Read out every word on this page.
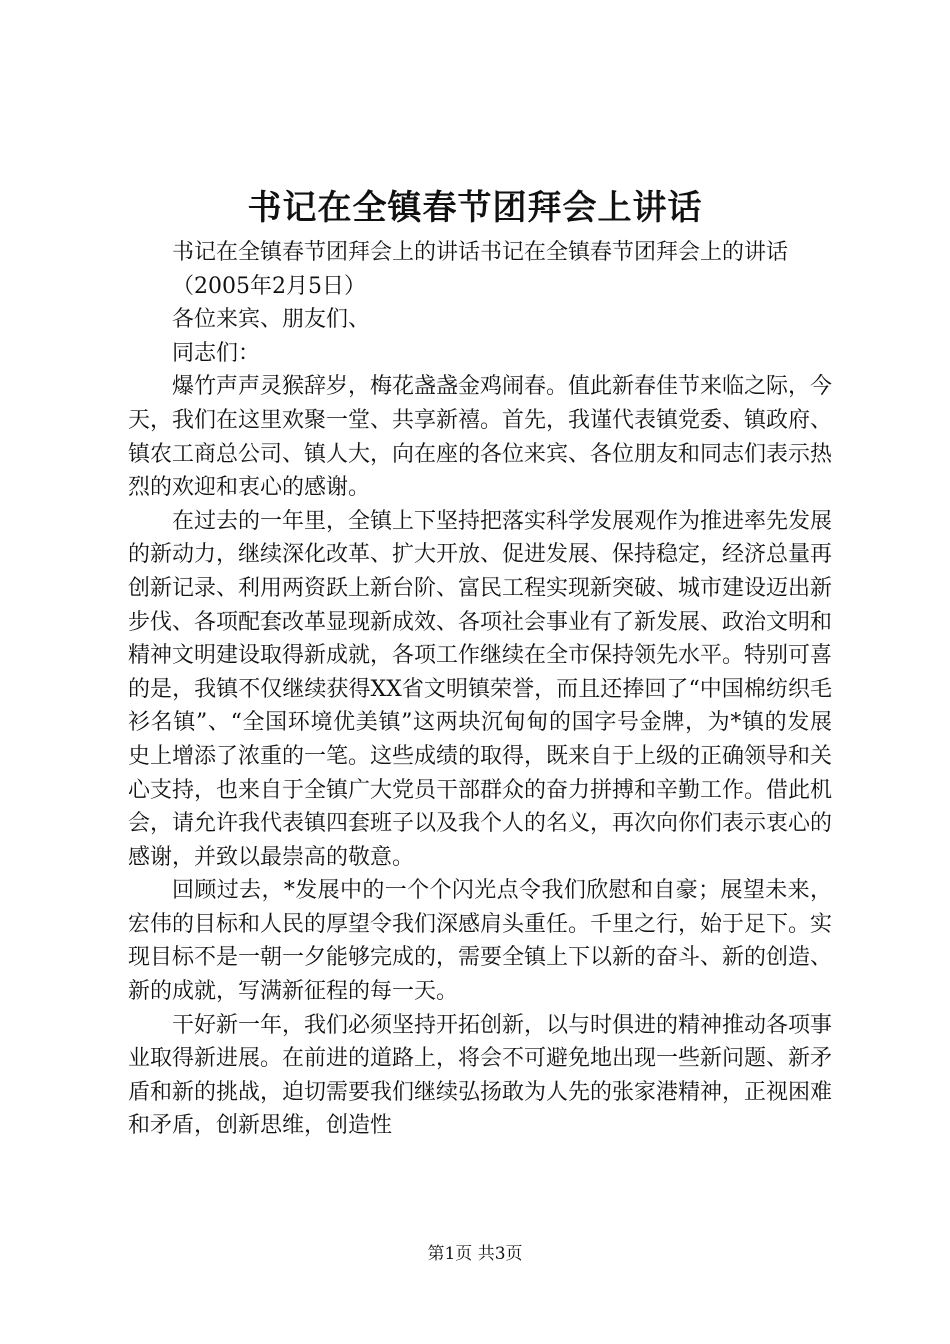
书记在全镇春节团拜会上讲话

书记在全镇春节团拜会上的讲话书记在全镇春节团拜会上的讲话

（2005年2月5日）

各位来宾、朋友们、

同志们：

爆竹声声灵猴辞岁，梅花盏盏金鸡闹春。值此新春佳节来临之际，今天，我们在这里欢聚一堂、共享新禧。首先，我谨代表镇党委、镇政府、镇农工商总公司、镇人大，向在座的各位来宾、各位朋友和同志们表示热烈的欢迎和衷心的感谢。

在过去的一年里，全镇上下坚持把落实科学发展观作为推进率先发展的新动力，继续深化改革、扩大开放、促进发展、保持稳定，经济总量再创新记录、利用两资跃上新台阶、富民工程实现新突破、城市建设迈出新步伐、各项配套改革显现新成效、各项社会事业有了新发展、政治文明和精神文明建设取得新成就，各项工作继续在全市保持领先水平。特别可喜的是，我镇不仅继续获得XX省文明镇荣誉，而且还捧回了“中国棉纺织毛衫名镇”、“全国环境优美镇”这两块沉甸甸的国字号金牌，为*镇的发展史上增添了浓重的一笔。这些成绩的取得，既来自于上级的正确领导和关心支持，也来自于全镇广大党员干部群众的奋力拼搏和辛勤工作。借此机会，请允许我代表镇四套班子以及我个人的名义，再次向你们表示衷心的感谢，并致以最崇高的敬意。

回顾过去，*发展中的一个个闪光点令我们欣慰和自豪；展望未来，宏伟的目标和人民的厚望令我们深感肩头重任。千里之行，始于足下。实现目标不是一朝一夕能够完成的，需要全镇上下以新的奋斗、新的创造、新的成就，写满新征程的每一天。

干好新一年，我们必须坚持开拓创新，以与时俱进的精神推动各项事业取得新进展。在前进的道路上，将会不可避免地出现一些新问题、新矛盾和新的挑战，迫切需要我们继续弘扬敢为人先的张家港精神，正视困难和矛盾，创新思维，创造性

第1页 共3页
